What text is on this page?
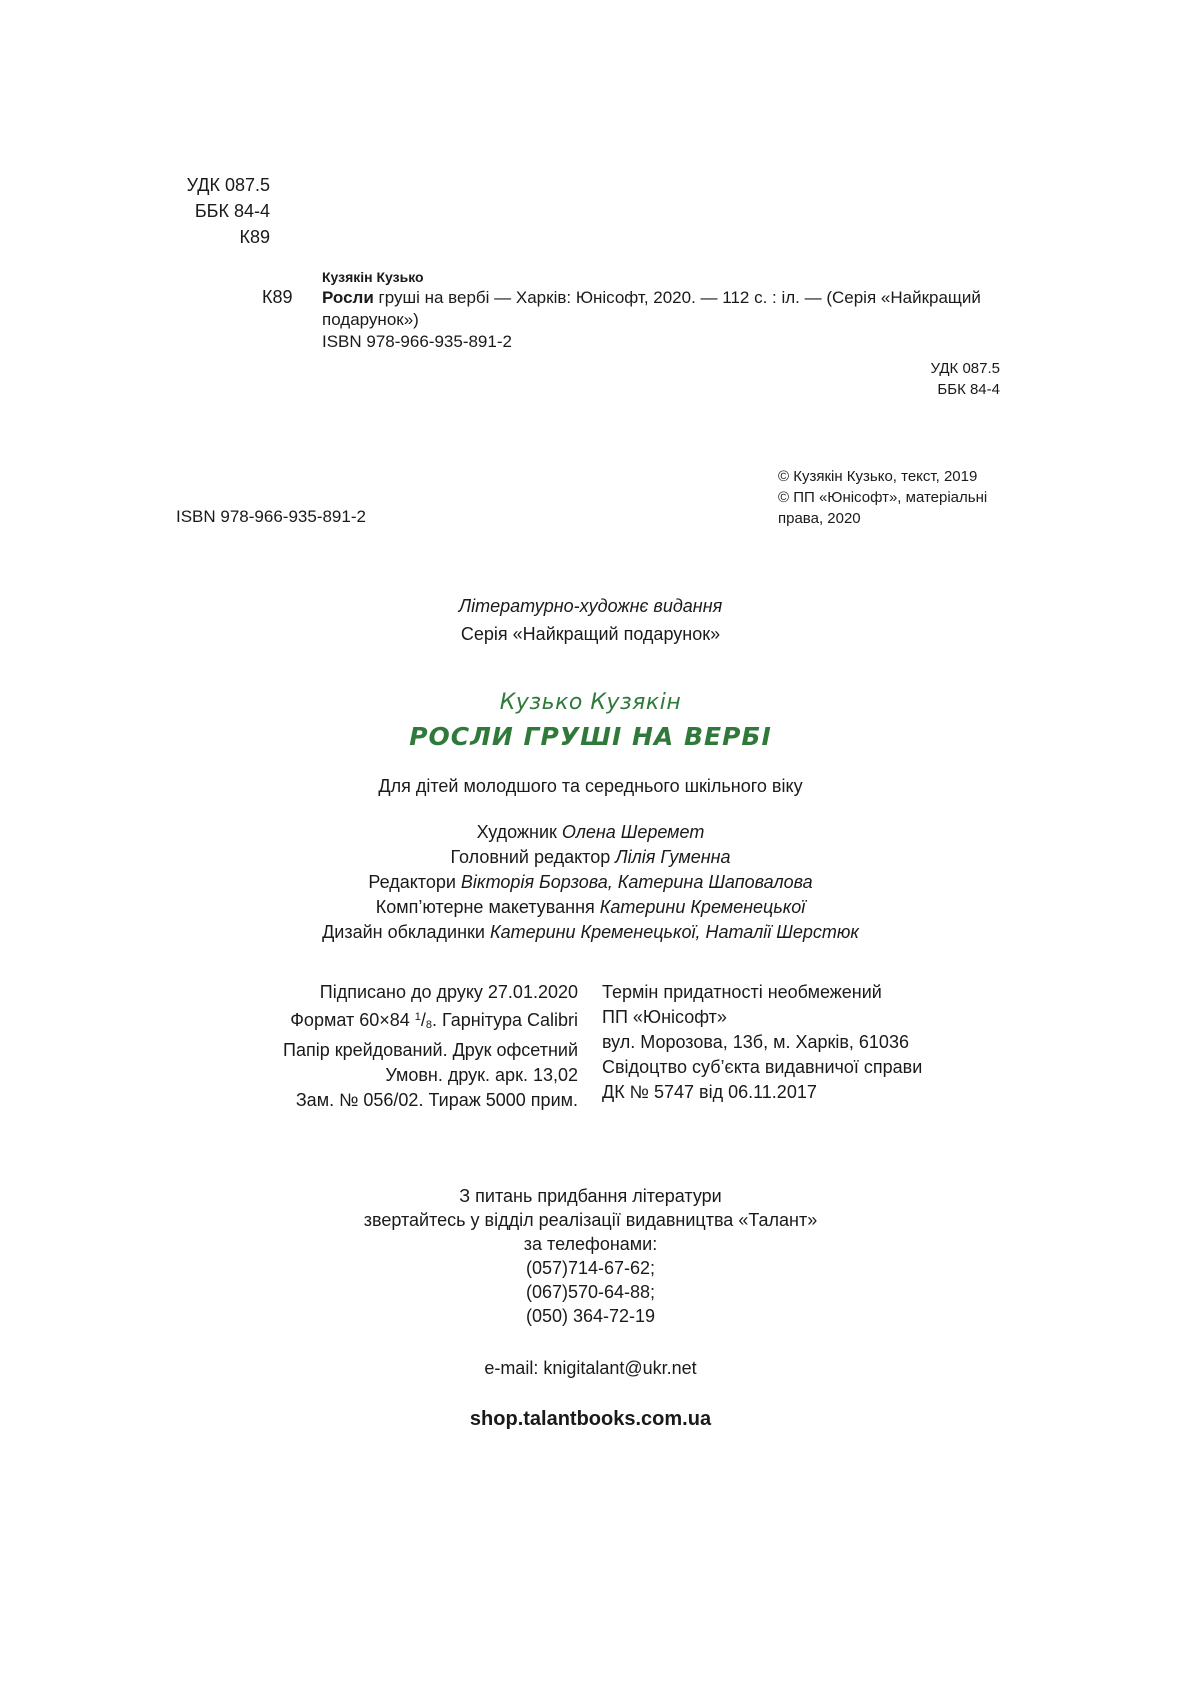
УДК 087.5
ББК 84-4
К89
К89
Кузякін Кузько
Росли груші на вербі — Харків: Юнісофт, 2020. — 112 с. : іл. — (Серія «Найкращий подарунок»)
ISBN 978-966-935-891-2
УДК 087.5
ББК 84-4
© Кузякін Кузько, текст, 2019
© ПП «Юнісофт», матеріальні права, 2020
ISBN 978-966-935-891-2
Літературно-художнє видання
Серія «Найкращий подарунок»
Кузько Кузякін
РОСЛИ ГРУШІ НА ВЕРБІ
Для дітей молодшого та середнього шкільного віку
Художник Олена Шеремет
Головний редактор Лілія Гуменна
Редактори Вікторія Борзова, Катерина Шаповалова
Комп’ютерне макетування Катерини Кременецької
Дизайн обкладинки Катерини Кременецької, Наталії Шерстюк
Підписано до друку 27.01.2020
Формат 60×84 $^1/_8$. Гарнітура Calibri
Папір крейдований. Друк офсетний
Умовн. друк. арк. 13,02
Зам. № 056/02. Тираж 5000 прим.
Термін придатності необмежений
ПП «Юнісофт»
вул. Морозова, 13б, м. Харків, 61036
Свідоцтво суб’єкта видавничої справи
ДК № 5747 від 06.11.2017
З питань придбання літератури
звертайтесь у відділ реалізації видавництва «Талант»
за телефонами:
(057)714-67-62;
(067)570-64-88;
(050) 364-72-19
e-mail: knigitalant@ukr.net
shop.talantbooks.com.ua
